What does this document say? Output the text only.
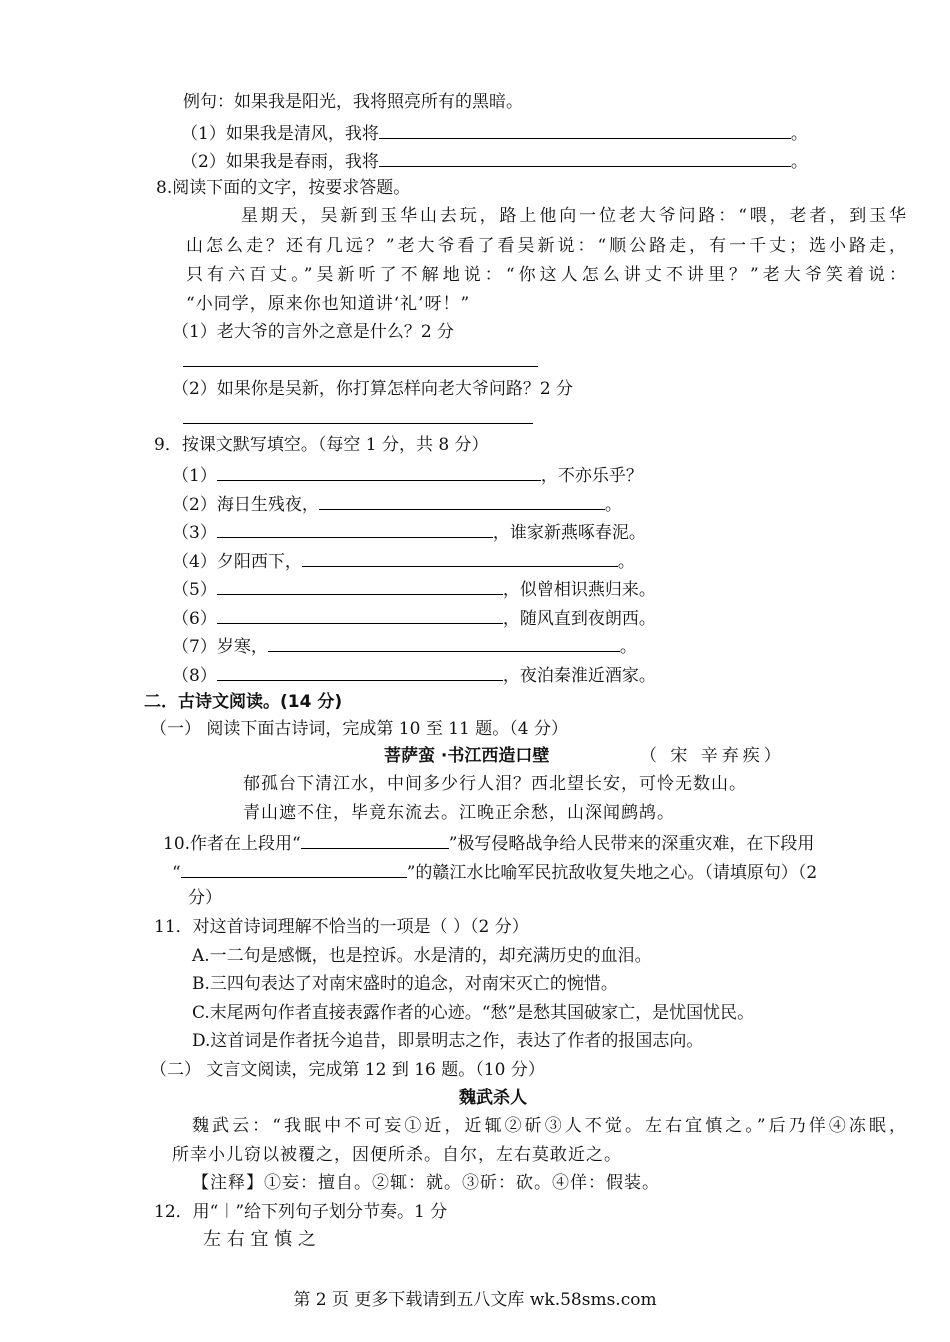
例句：如果我是阳光，我将照亮所有的黑暗。
（1）如果我是清风，我将	。
（2）如果我是春雨，我将	。
8.阅读下面的文字，按要求答题。
星期天，吴新到玉华山去玩，路上他向一位老大爷问路：“喂，老者，到玉华
山怎么走？还有几远？”老大爷看了看吴新说：“顺公路走，有一千丈；选小路走，
只有六百丈。”吴新听了不解地说：“你这人怎么讲丈不讲里？”老大爷笑着说：
“小同学，原来你也知道讲‘礼’呀！”
（1）老大爷的言外之意是什么？2 分
（2）如果你是吴新，你打算怎样向老大爷问路？2 分
9．按课文默写填空。（每空 1 分，共 8 分）
（1）	，不亦乐乎？
（2）海日生残夜，	。
（3）	，谁家新燕啄春泥。
（4）夕阳西下，	。
（5）	，似曾相识燕归来。
（6）	，随风直到夜朗西。
（7）岁寒，	。
（8）	，夜泊秦淮近酒家。
二．古诗文阅读。(14 分)
（一） 阅读下面古诗词，完成第 10 至 11 题。（4 分）
菩萨蛮 ·书江西造口壁	（ 宋 辛弃疾）
郁孤台下清江水，中间多少行人泪？西北望长安，可怜无数山。
青山遮不住，毕竟东流去。江晚正余愁，山深闻鹧鸪。
10.作者在上段用“	”极写侵略战争给人民带来的深重灾难，在下段用
“	”的赣江水比喻军民抗敌收复失地之心。（请填原句）（2
分）
11．对这首诗词理解不恰当的一项是（ ）（2 分）
A.一二句是感慨，也是控诉。水是清的，却充满历史的血泪。
B.三四句表达了对南宋盛时的追念，对南宋灭亡的惋惜。
C.末尾两句作者直接表露作者的心迹。“愁”是愁其国破家亡，是忧国忧民。
D.这首词是作者抚今追昔，即景明志之作，表达了作者的报国志向。
（二） 文言文阅读，完成第 12 到 16 题。（10 分）
魏武杀人
魏武云：“我眠中不可妄①近，近辄②斫③人不觉。左右宜慎之。”后乃佯④冻眠，
所幸小儿窃以被覆之，因便所杀。自尔，左右莫敢近之。
【注释】①妄：擅自。②辄：就。③斫：砍。④佯：假装。
12．用“︱”给下列句子划分节奏。1 分
左 右 宜 慎 之
第 2 页 更多下载请到五八文库 wk.58sms.com
